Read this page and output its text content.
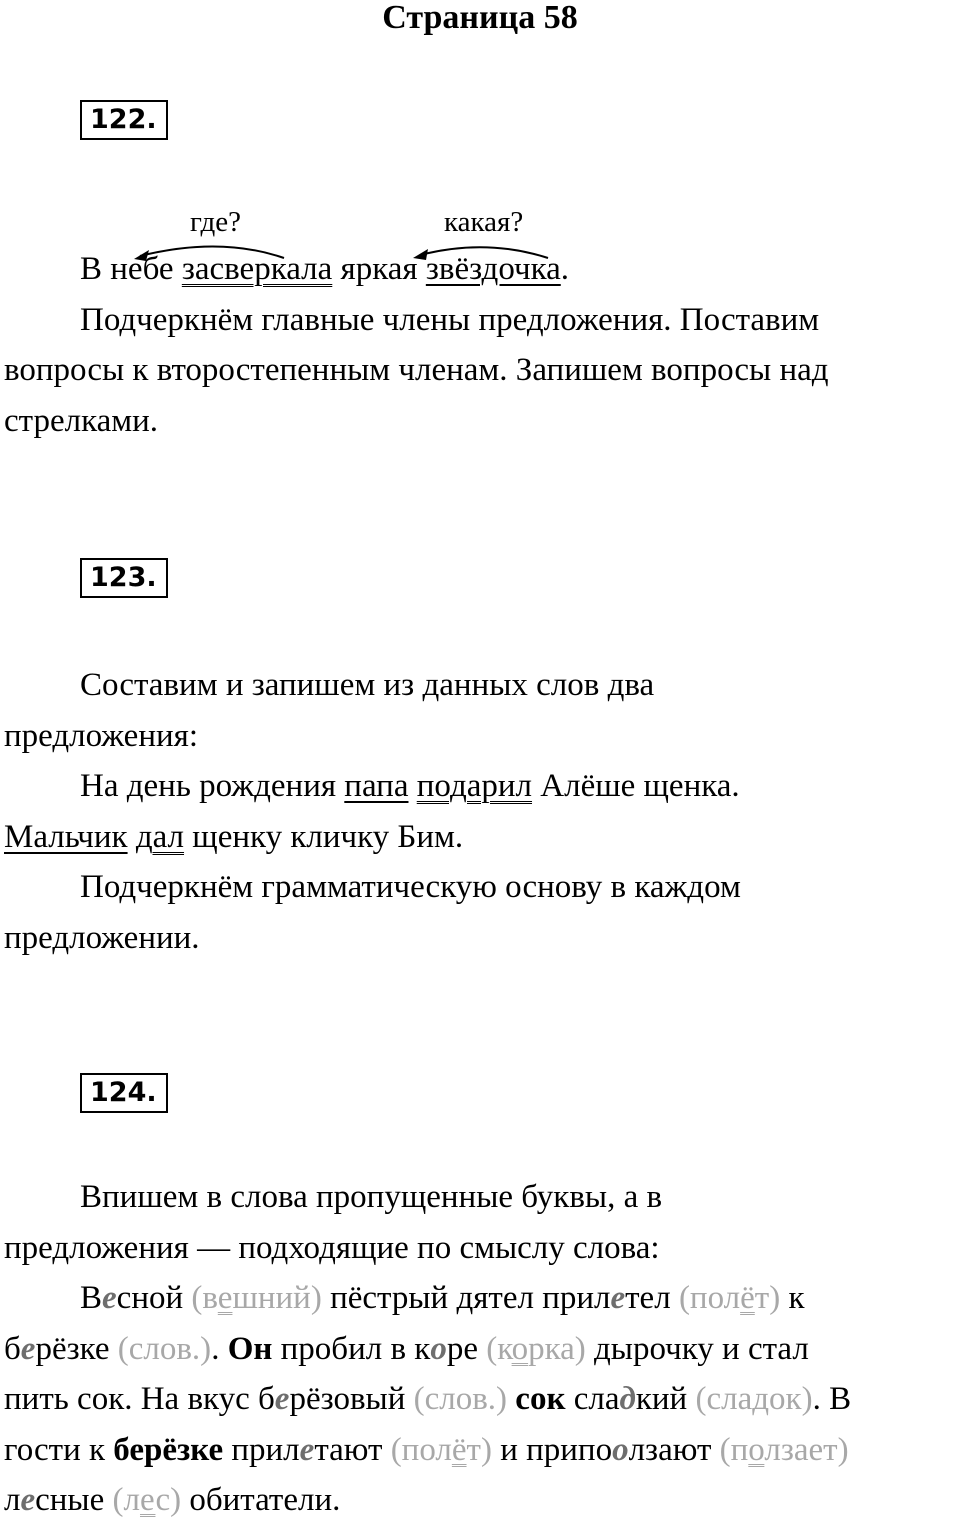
Страница 58
122.
где?	какая?
В небе засверкала яркая звёздочка.
Подчеркнём главные члены предложения. Поставим
вопросы к второстепенным членам. Запишем вопросы над
стрелками.
123.
Составим и запишем из данных слов два
предложения:
На день рождения папа подарил Алёше щенка.
Мальчик дал щенку кличку Бим.
Подчеркнём грамматическую основу в каждом
предложении.
124.
Впишем в слова пропущенные буквы, а в
предложения — подходящие по смыслу слова:
Весной (вешний) пёстрый дятел прилетел (полёт) к
берёзке (слов.). Он пробил в коре (корка) дырочку и стал
пить сок. На вкус берёзовый (слов.) сок сладкий (сладок). В
гости к берёзке прилетают (полёт) и припоолзают (ползает)
лесные (лес) обитатели.
